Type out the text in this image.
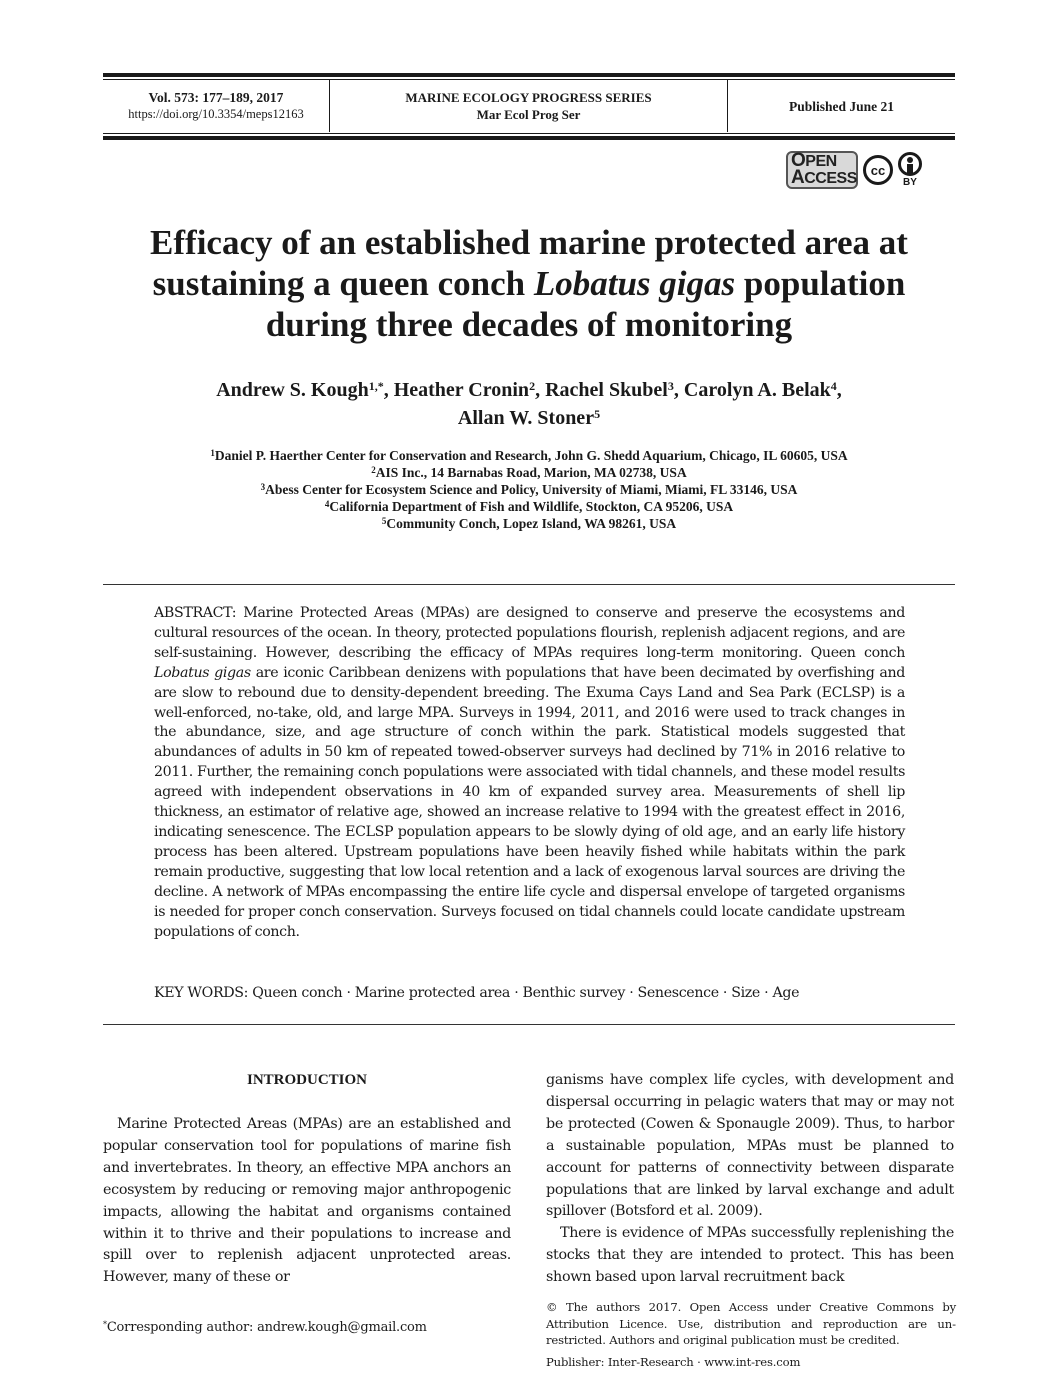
Vol. 573: 177–189, 2017
https://doi.org/10.3354/meps12163
MARINE ECOLOGY PROGRESS SERIES
Mar Ecol Prog Ser
Published June 21
OPEN
ACCESS cc
BY
Efficacy of an established marine protected area at sustaining a queen conch Lobatus gigas population during three decades of monitoring
Andrew S. Kough$^{1,*}$, Heather Cronin$^2$, Rachel Skubel$^3$, Carolyn A. Belak$^4$,
Allan W. Stoner$^5$
$^1$Daniel P. Haerther Center for Conservation and Research, John G. Shedd Aquarium, Chicago, IL 60605, USA
$^2$AIS Inc., 14 Barnabas Road, Marion, MA 02738, USA
$^3$Abess Center for Ecosystem Science and Policy, University of Miami, Miami, FL 33146, USA
$^4$California Department of Fish and Wildlife, Stockton, CA 95206, USA
$^5$Community Conch, Lopez Island, WA 98261, USA
ABSTRACT: Marine Protected Areas (MPAs) are designed to conserve and preserve the ecosystems and cultural resources of the ocean. In theory, protected populations flourish, replenish adjacent regions, and are self-sustaining. However, describing the efficacy of MPAs requires long-term monitoring. Queen conch Lobatus gigas are iconic Caribbean denizens with populations that have been decimated by overfishing and are slow to rebound due to density-dependent breeding. The Exuma Cays Land and Sea Park (ECLSP) is a well-enforced, no-take, old, and large MPA. Surveys in 1994, 2011, and 2016 were used to track changes in the abundance, size, and age structure of conch within the park. Statistical models suggested that abundances of adults in 50 km of repeated towed-observer surveys had declined by 71% in 2016 relative to 2011. Further, the remaining conch populations were associated with tidal channels, and these model results agreed with independent observations in 40 km of expanded survey area. Measurements of shell lip thickness, an estimator of relative age, showed an increase relative to 1994 with the greatest effect in 2016, indicating senescence. The ECLSP population appears to be slowly dying of old age, and an early life history process has been altered. Upstream populations have been heavily fished while habitats within the park remain productive, suggesting that low local retention and a lack of exogenous larval sources are driving the decline. A network of MPAs encompassing the entire life cycle and dispersal envelope of targeted organisms is needed for proper conch conservation. Surveys focused on tidal channels could locate candidate upstream populations of conch.
KEY WORDS: Queen conch · Marine protected area · Benthic survey · Senescence · Size · Age
INTRODUCTION

Marine Protected Areas (MPAs) are an established and popular conservation tool for populations of marine fish and invertebrates. In theory, an effective MPA anchors an ecosystem by reducing or removing major anthropogenic impacts, allowing the habitat and organisms contained within it to thrive and their populations to increase and spill over to replenish adjacent unprotected areas. However, many of these or

ganisms have complex life cycles, with development and dispersal occurring in pelagic waters that may or may not be protected (Cowen & Sponaugle 2009). Thus, to harbor a sustainable population, MPAs must be planned to account for patterns of connectivity between disparate populations that are linked by larval exchange and adult spillover (Botsford et al. 2009).

There is evidence of MPAs successfully replenishing the stocks that they are intended to protect. This has been shown based upon larval recruitment back

*Corresponding author: andrew.kough@gmail.com
© The authors 2017. Open Access under Creative Commons by Attribution Licence. Use, distribution and reproduction are unrestricted. Authors and original publication must be credited.
Publisher: Inter-Research · www.int-res.com
